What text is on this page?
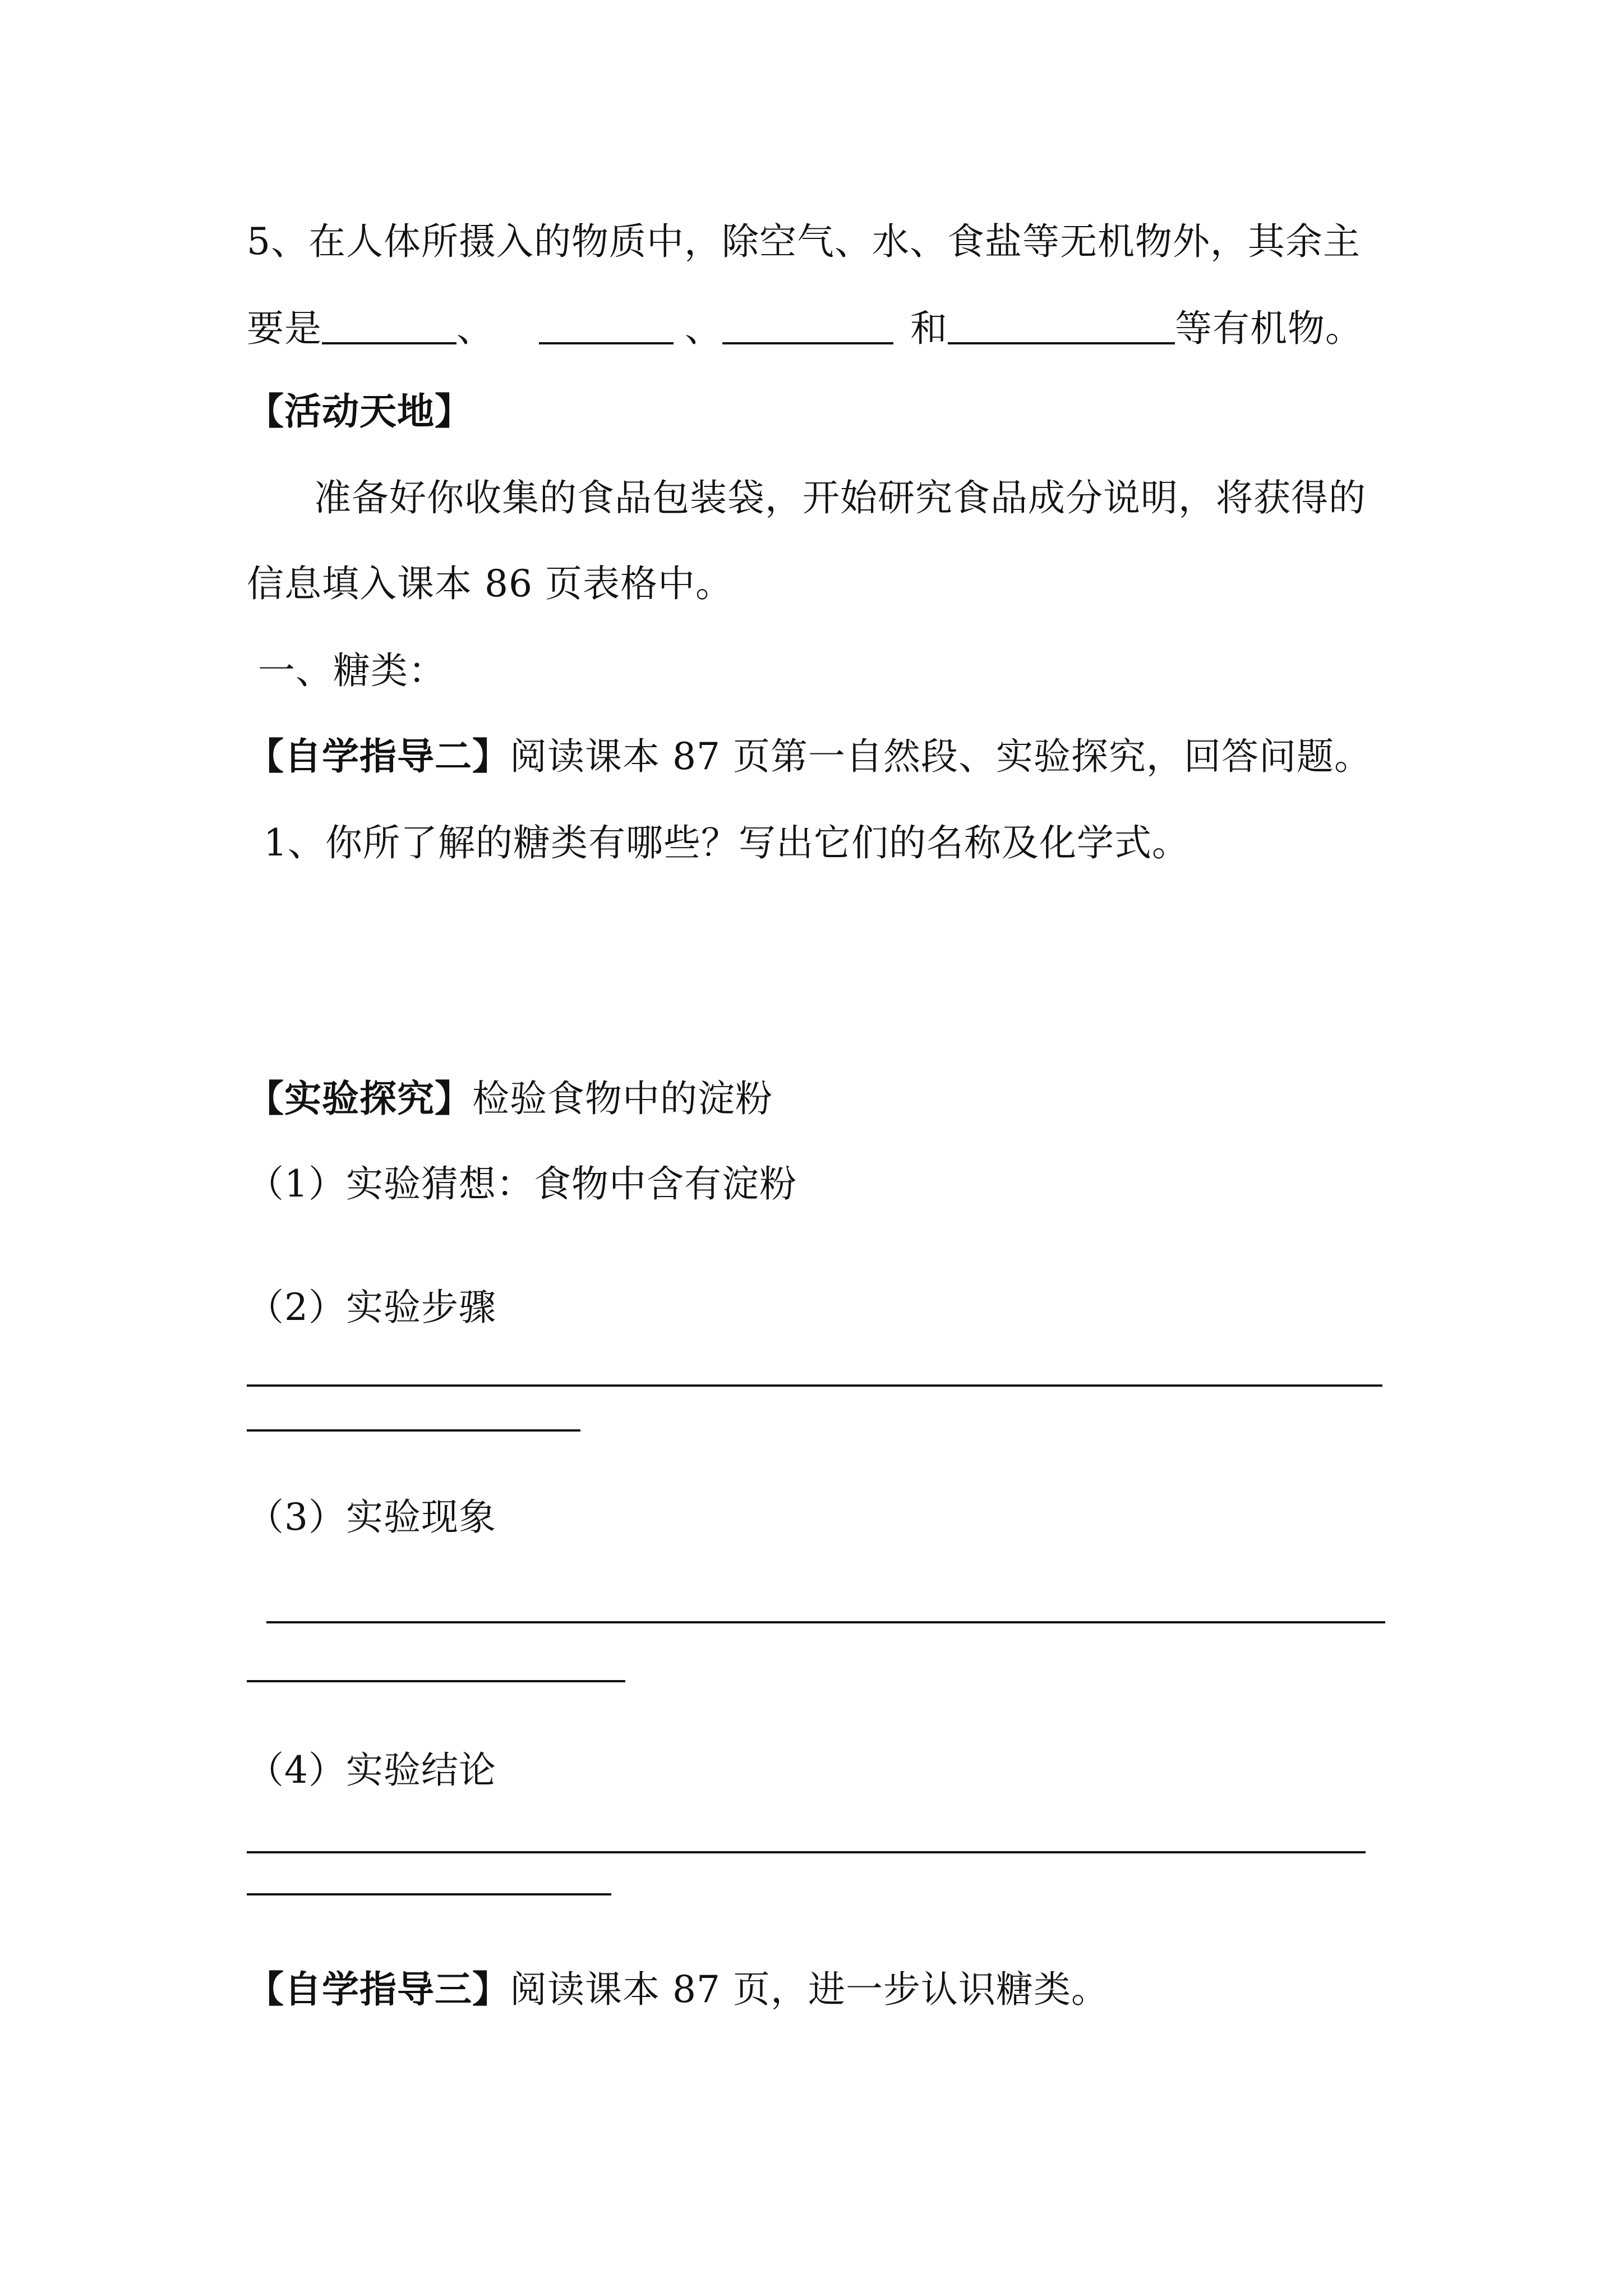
5、在人体所摄入的物质中，除空气、水、食盐等无机物外，其余主
要是	、	、	和	等有机物。
【活动天地】
准备好你收集的食品包装袋，开始研究食品成分说明，将获得的
信息填入课本 86 页表格中。
一、糖类：
【自学指导二】阅读课本 87 页第一自然段、实验探究，回答问题。
1、你所了解的糖类有哪些？写出它们的名称及化学式。
【实验探究】检验食物中的淀粉
（1）实验猜想：食物中含有淀粉
（2）实验步骤
（3）实验现象
（4）实验结论
【自学指导三】阅读课本 87 页，进一步认识糖类。
